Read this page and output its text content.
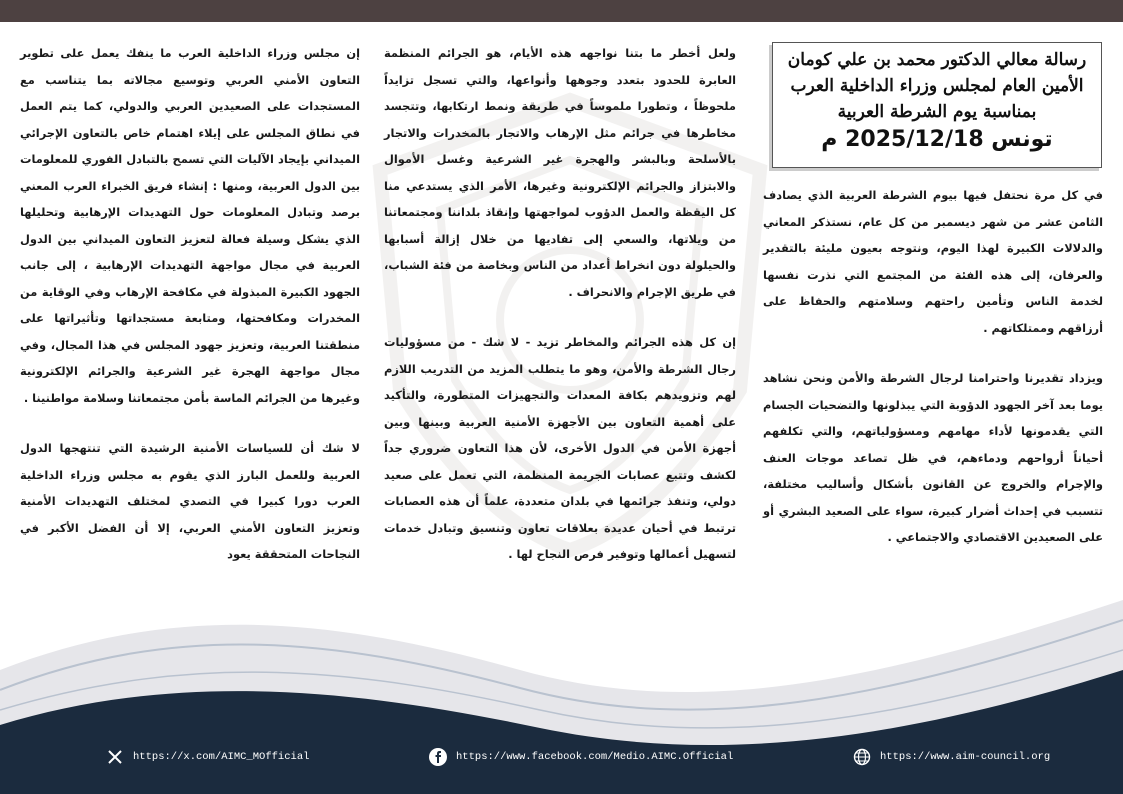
رسالة معالي الدكتور محمد بن علي كومان
الأمين العام لمجلس وزراء الداخلية العرب
بمناسبة يوم الشرطة العربية
تونس 2025/12/18 م

في كل مرة نحتفل فيها بيوم الشرطة العربية الذي يصادف الثامن عشر من شهر ديسمبر من كل عام، نستذكر المعاني والدلالات الكبيرة لهذا اليوم، ونتوجه بعيون مليئة بالتقدير والعرفان، إلى هذه الفئة من المجتمع التي نذرت نفسها لخدمة الناس وتأمين راحتهم وسلامتهم والحفاظ على أرزاقهم وممتلكاتهم .

ويزداد تقديرنا واحترامنا لرجال الشرطة والأمن ونحن نشاهد يوما بعد آخر الجهود الدؤوبة التي يبذلونها والتضحيات الجسام التي يقدمونها لأداء مهامهم ومسؤولياتهم، والتي تكلفهم أحياناً أرواحهم ودماءهم، في ظل تصاعد موجات العنف والإجرام والخروج عن القانون بأشكال وأساليب مختلفة، تتسبب في إحداث أضرار كبيرة، سواء على الصعيد البشري أو على الصعيدين الاقتصادي والاجتماعي .

ولعل أخطر ما بتنا نواجهه هذه الأيام، هو الجرائم المنظمة العابرة للحدود بتعدد وجوهها وأنواعها، والتي تسجل تزايداً ملحوظاً ، وتطورا ملموساً في طريقة ونمط ارتكابها، وتتجسد مخاطرها في جرائم مثل الإرهاب والاتجار بالمخدرات والاتجار بالأسلحة وبالبشر والهجرة غير الشرعية وغسل الأموال والابتزاز والجرائم الإلكترونية وغيرها، الأمر الذي يستدعي منا كل اليقظة والعمل الدؤوب لمواجهتها وإنقاذ بلداننا ومجتمعاتنا من ويلاتها، والسعي إلى تفاديها من خلال إزالة أسبابها والحيلولة دون انخراط أعداد من الناس وبخاصة من فئة الشباب، في طريق الإجرام والانحراف .

إن كل هذه الجرائم والمخاطر تزيد - لا شك - من مسؤوليات رجال الشرطة والأمن، وهو ما يتطلب المزيد من التدريب اللازم لهم وتزويدهم بكافة المعدات والتجهيزات المتطورة، والتأكيد على أهمية التعاون بين الأجهزة الأمنية العربية وبينها وبين أجهزة الأمن في الدول الأخرى، لأن هذا التعاون ضروري جداً لكشف وتتبع عصابات الجريمة المنظمة، التي تعمل على صعيد دولي، وتنفذ جرائمها في بلدان متعددة، علماً أن هذه العصابات ترتبط في أحيان عديدة بعلاقات تعاون وتنسيق وتبادل خدمات لتسهيل أعمالها وتوفير فرص النجاح لها .

إن مجلس وزراء الداخلية العرب ما ينفك يعمل على تطوير التعاون الأمني العربي وتوسيع مجالاته بما يتناسب مع المستجدات على الصعيدين العربي والدولي، كما يتم العمل في نطاق المجلس على إيلاء اهتمام خاص بالتعاون الإجرائي الميداني بإيجاد الآليات التي تسمح بالتبادل الفوري للمعلومات بين الدول العربية، ومنها : إنشاء فريق الخبراء العرب المعني برصد وتبادل المعلومات حول التهديدات الإرهابية وتحليلها الذي يشكل وسيلة فعالة لتعزيز التعاون الميداني بين الدول العربية في مجال مواجهة التهديدات الإرهابية ، إلى جانب الجهود الكبيرة المبذولة في مكافحة الإرهاب وفي الوقاية من المخدرات ومكافحتها، ومتابعة مستجداتها وتأثيراتها على منطقتنا العربية، وتعزيز جهود المجلس في هذا المجال، وفي مجال مواجهة الهجرة غير الشرعية والجرائم الإلكترونية وغيرها من الجرائم الماسة بأمن مجتمعاتنا وسلامة مواطنينا .

لا شك أن للسياسات الأمنية الرشيدة التي تنتهجها الدول العربية وللعمل البارز الذي يقوم به مجلس وزراء الداخلية العرب دورا كبيرا في التصدي لمختلف التهديدات الأمنية وتعزيز التعاون الأمني العربي، إلا أن الفضل الأكبر في النجاحات المتحققة يعود

https://x.com/AIMC_MOfficial	https://www.facebook.com/Medio.AIMC.Official	https://www.aim-council.org
